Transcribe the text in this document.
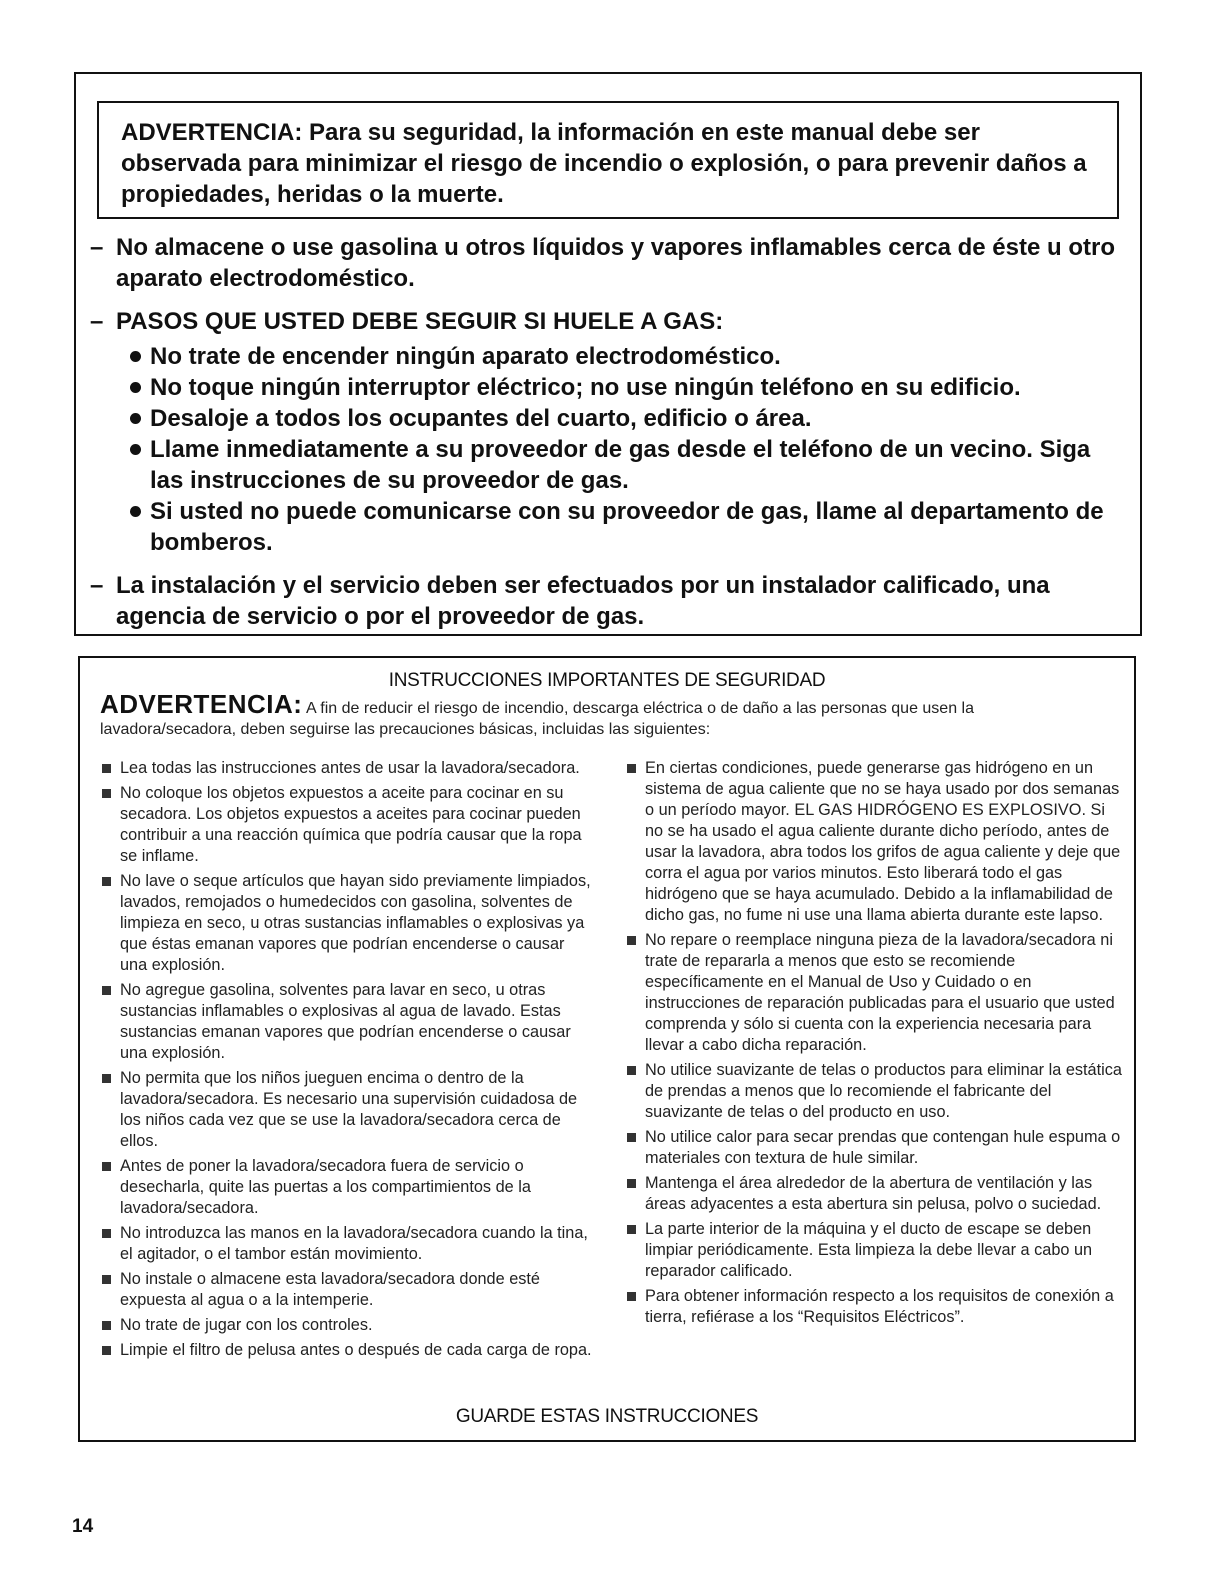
ADVERTENCIA: Para su seguridad, la información en este manual debe ser observada para minimizar el riesgo de incendio o explosión, o para prevenir daños a propiedades, heridas o la muerte.

– No almacene o use gasolina u otros líquidos y vapores inflamables cerca de éste u otro aparato electrodoméstico.
– PASOS QUE USTED DEBE SEGUIR SI HUELE A GAS:
No trate de encender ningún aparato electrodoméstico.
No toque ningún interruptor eléctrico; no use ningún teléfono en su edificio.
Desaloje a todos los ocupantes del cuarto, edificio o área.
Llame inmediatamente a su proveedor de gas desde el teléfono de un vecino. Siga las instrucciones de su proveedor de gas.
Si usted no puede comunicarse con su proveedor de gas, llame al departamento de bomberos.
– La instalación y el servicio deben ser efectuados por un instalador calificado, una agencia de servicio o por el proveedor de gas.
INSTRUCCIONES IMPORTANTES DE SEGURIDAD
ADVERTENCIA: A fin de reducir el riesgo de incendio, descarga eléctrica o de daño a las personas que usen la lavadora/secadora, deben seguirse las precauciones básicas, incluidas las siguientes:
Lea todas las instrucciones antes de usar la lavadora/secadora.
No coloque los objetos expuestos a aceite para cocinar en su secadora. Los objetos expuestos a aceites para cocinar pueden contribuir a una reacción química que podría causar que la ropa se inflame.
No lave o seque artículos que hayan sido previamente limpiados, lavados, remojados o humedecidos con gasolina, solventes de limpieza en seco, u otras sustancias inflamables o explosivas ya que éstas emanan vapores que podrían encenderse o causar una explosión.
No agregue gasolina, solventes para lavar en seco, u otras sustancias inflamables o explosivas al agua de lavado. Estas sustancias emanan vapores que podrían encenderse o causar una explosión.
No permita que los niños jueguen encima o dentro de la lavadora/secadora. Es necesario una supervisión cuidadosa de los niños cada vez que se use la lavadora/secadora cerca de ellos.
Antes de poner la lavadora/secadora fuera de servicio o desecharla, quite las puertas a los compartimientos de la lavadora/secadora.
No introduzca las manos en la lavadora/secadora cuando la tina, el agitador, o el tambor están movimiento.
No instale o almacene esta lavadora/secadora donde esté expuesta al agua o a la intemperie.
No trate de jugar con los controles.
Limpie el filtro de pelusa antes o después de cada carga de ropa.
En ciertas condiciones, puede generarse gas hidrógeno en un sistema de agua caliente que no se haya usado por dos semanas o un período mayor. EL GAS HIDRÓGENO ES EXPLOSIVO. Si no se ha usado el agua caliente durante dicho período, antes de usar la lavadora, abra todos los grifos de agua caliente y deje que corra el agua por varios minutos. Esto liberará todo el gas hidrógeno que se haya acumulado. Debido a la inflamabilidad de dicho gas, no fume ni use una llama abierta durante este lapso.
No repare o reemplace ninguna pieza de la lavadora/secadora ni trate de repararla a menos que esto se recomiende específicamente en el Manual de Uso y Cuidado o en instrucciones de reparación publicadas para el usuario que usted comprenda y sólo si cuenta con la experiencia necesaria para llevar a cabo dicha reparación.
No utilice suavizante de telas o productos para eliminar la estática de prendas a menos que lo recomiende el fabricante del suavizante de telas o del producto en uso.
No utilice calor para secar prendas que contengan hule espuma o materiales con textura de hule similar.
Mantenga el área alrededor de la abertura de ventilación y las áreas adyacentes a esta abertura sin pelusa, polvo o suciedad.
La parte interior de la máquina y el ducto de escape se deben limpiar periódicamente. Esta limpieza la debe llevar a cabo un reparador calificado.
Para obtener información respecto a los requisitos de conexión a tierra, refiérase a los “Requisitos Eléctricos”.
GUARDE ESTAS INSTRUCCIONES
14
